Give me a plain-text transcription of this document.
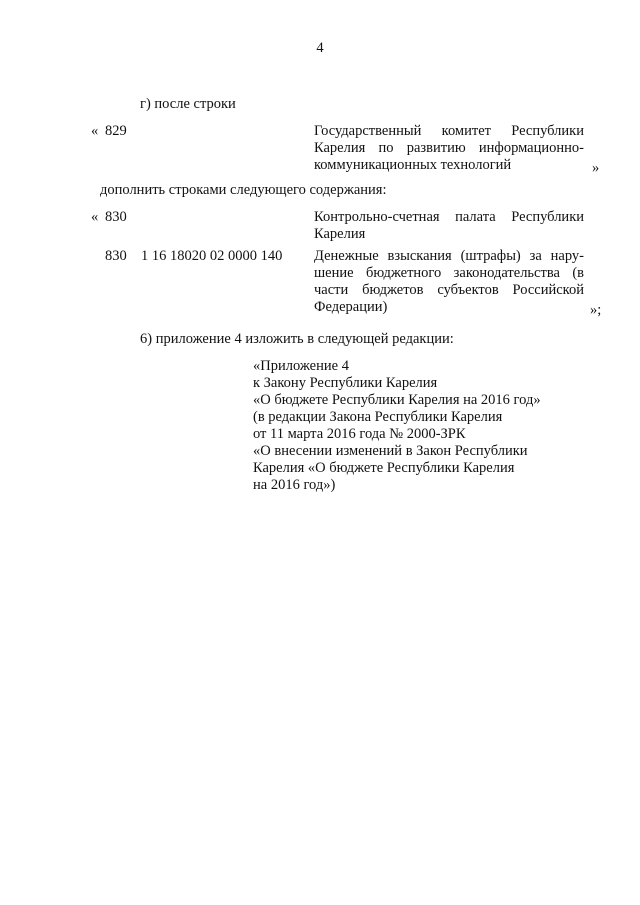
4
г) после строки
« 829	Государственный комитет Республики
Карелия по развитию информационно-
коммуникационных технологий	»
дополнить строками следующего содержания:
« 830	Контрольно-счетная палата Республики
Карелия
830 1 16 18020 02 0000 140 Денежные взыскания (штрафы) за нару-
шение бюджетного законодательства (в
части бюджетов субъектов Российской
Федерации)	»;
6) приложение 4 изложить в следующей редакции:
«Приложение 4
к Закону Республики Карелия
«О бюджете Республики Карелия на 2016 год»
(в редакции Закона Республики Карелия
от 11 марта 2016 года № 2000-ЗРК
«О внесении изменений в Закон Республики
Карелия «О бюджете Республики Карелия
на 2016 год»)
